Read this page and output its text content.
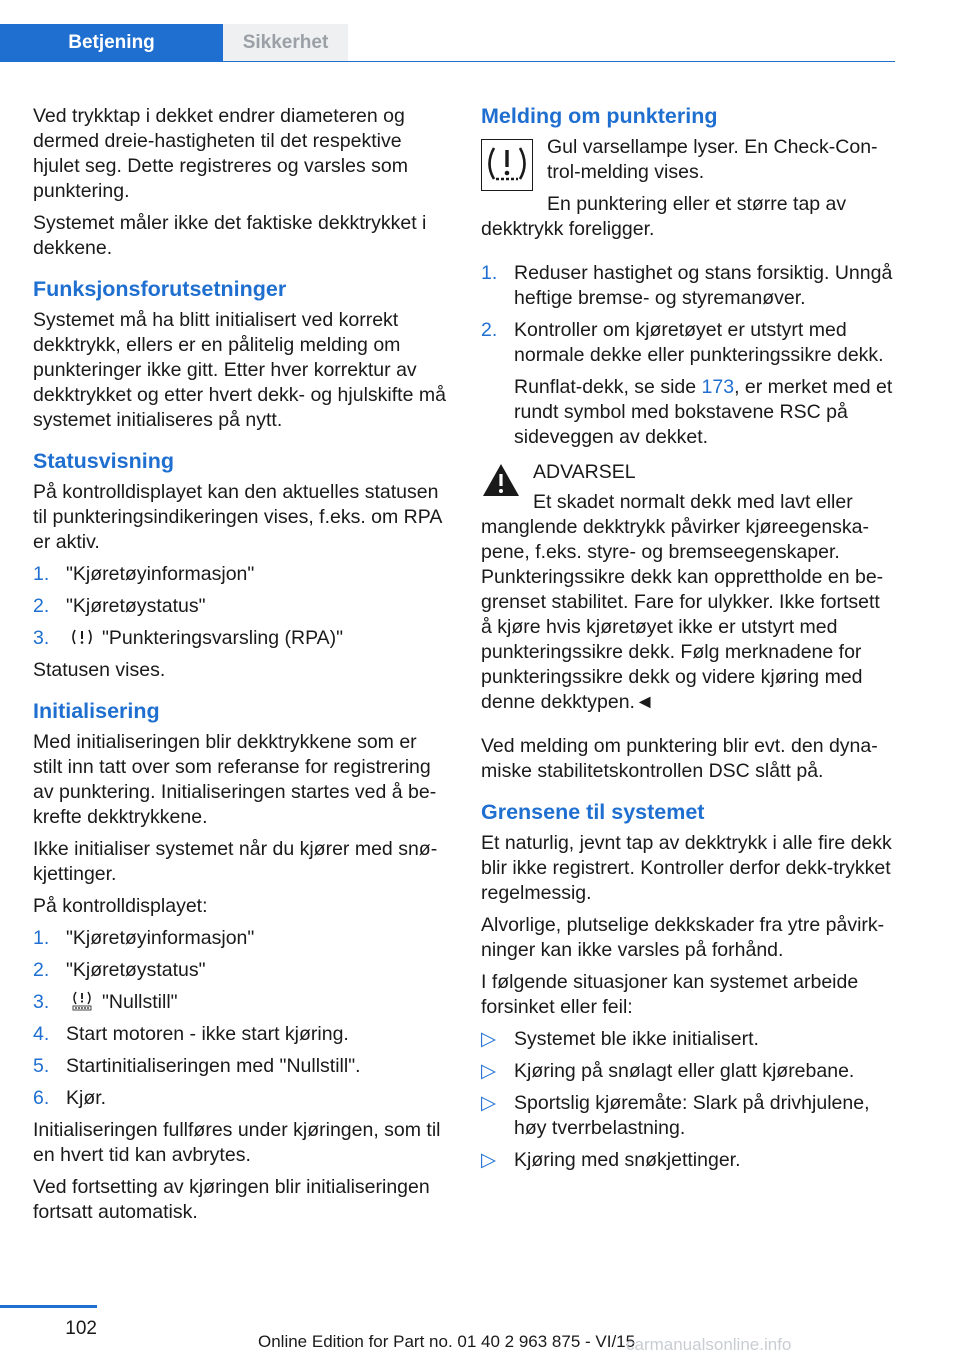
Betjening	Sikkerhet

Ved trykktap i dekket endrer diameteren og dermed dreie-hastigheten til det respektive hjulet seg. Dette registreres og varsles som punktering.

Systemet måler ikke det faktiske dekktrykket i dekkene.

Funksjonsforutsetninger

Systemet må ha blitt initialisert ved korrekt dekktrykk, ellers er en pålitelig melding om punkteringer ikke gitt. Etter hver korrektur av dekktrykket og etter hvert dekk- og hjulskifte må systemet initialiseres på nytt.

Statusvisning

På kontrolldisplayet kan den aktuelles statusen til punkteringsindikeringen vises, f.eks. om RPA er aktiv.

1. "Kjøretøyinformasjon"
2. "Kjøretøystatus"
3.	"Punkteringsvarsling (RPA)"

Statusen vises.

Initialisering

Med initialiseringen blir dekktrykkene som er stilt inn tatt over som referanse for registrering av punktering. Initialiseringen startes ved å be-krefte dekktrykkene.

Ikke initialiser systemet når du kjører med snø-kjettinger.

På kontrolldisplayet:

1. "Kjøretøyinformasjon"
2. "Kjøretøystatus"
3.	"Nullstill"
4. Start motoren - ikke start kjøring.
5. Startinitialiseringen med "Nullstill".
6. Kjør.

Initialiseringen fullføres under kjøringen, som til en hvert tid kan avbrytes.

Ved fortsetting av kjøringen blir initialiseringen fortsatt automatisk.

Melding om punktering

Gul varsellampe lyser. En Check-Con-trol-melding vises.

En punktering eller et større tap av dekktrykk foreligger.

1. Reduser hastighet og stans forsiktig. Unngå heftige bremse- og styremanøver.
2. Kontroller om kjøretøyet er utstyrt med normale dekke eller punkteringssikre dekk.

Runflat-dekk, se side 173, er merket med et rundt symbol med bokstavene RSC på sideveggen av dekket.

ADVARSEL

Et skadet normalt dekk med lavt eller manglende dekktrykk påvirker kjøreegenska-pene, f.eks. styre- og bremseegenskaper. Punkteringssikre dekk kan opprettholde en be-grenset stabilitet. Fare for ulykker. Ikke fortsett å kjøre hvis kjøretøyet ikke er utstyrt med punkteringssikre dekk. Følg merknadene for punkteringssikre dekk og videre kjøring med denne dekktypen.◄

Ved melding om punktering blir evt. den dyna-miske stabilitetskontrollen DSC slått på.

Grensene til systemet

Et naturlig, jevnt tap av dekktrykk i alle fire dekk blir ikke registrert. Kontroller derfor dekk-trykket regelmessig.

Alvorlige, plutselige dekkskader fra ytre påvirk-ninger kan ikke varsles på forhånd.

I følgende situasjoner kan systemet arbeide forsinket eller feil:

▷ Systemet ble ikke initialisert.
▷ Kjøring på snølagt eller glatt kjørebane.
▷ Sportslig kjøremåte: Slark på drivhjulene, høy tverrbelastning.
▷ Kjøring med snøkjettinger.
102
Online Edition for Part no. 01 40 2 963 875 - VI/15
carmanualsonline.info
